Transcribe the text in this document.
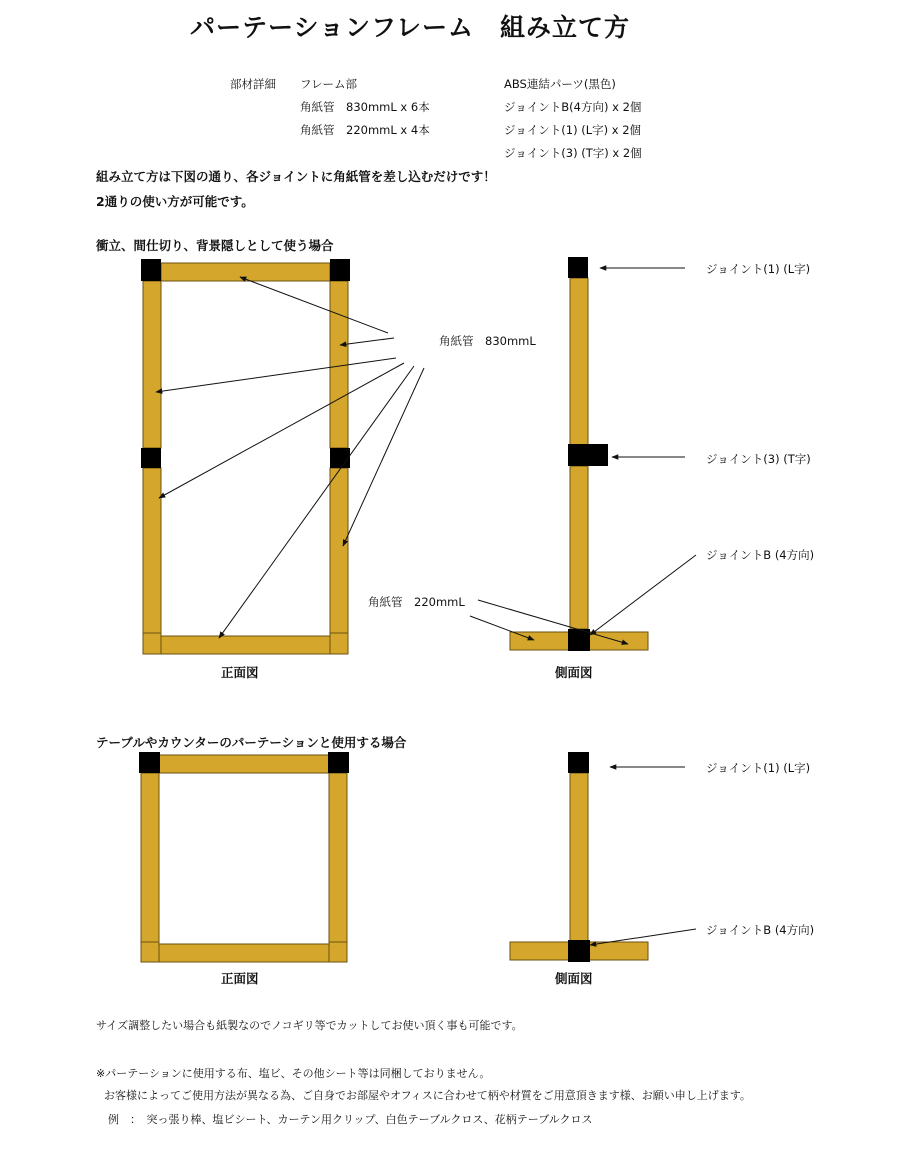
パーテーションフレーム　組み立て方
部材詳細 フレーム部
角紙管　830mmL x 6本
角紙管　220mmL x 4本
ABS連結パーツ(黒色)
ジョイントB(4方向) x 2個
ジョイント(1) (L字) x 2個
ジョイント(3) (T字) x 2個
組み立て方は下図の通り、各ジョイントに角紙管を差し込むだけです！
2通りの使い方が可能です。
衝立、間仕切り、背景隠しとして使う場合
角紙管　830mmL
ジョイント(1) (L字)
ジョイント(3) (T字)
ジョイントB (4方向)
角紙管　220mmL
正面図	側面図
テーブルやカウンターのパーテーションと使用する場合
ジョイント(1) (L字)
ジョイントB (4方向)
正面図	側面図
サイズ調整したい場合も紙製なのでノコギリ等でカットしてお使い頂く事も可能です。
※パーテーションに使用する布、塩ビ、その他シート等は同梱しておりません。
お客様によってご使用方法が異なる為、ご自身でお部屋やオフィスに合わせて柄や材質をご用意頂きます様、お願い申し上げます。
例　：　突っ張り棒、塩ビシート、カーテン用クリップ、白色テーブルクロス、花柄テーブルクロス
